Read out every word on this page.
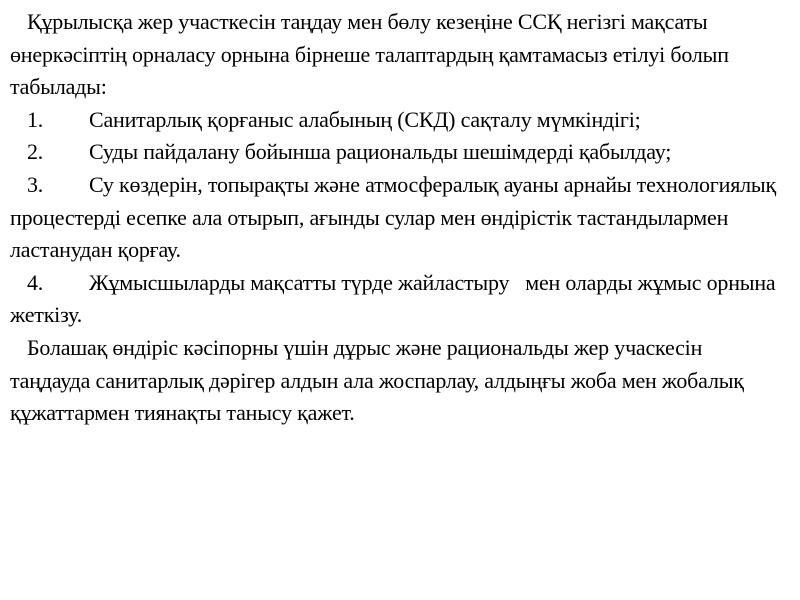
Құрылысқа жер участкесін таңдау мен бөлу кезеңіне ССҚ негізгі мақсаты өнеркәсіптің орналасу орнына бірнеше талаптардың қамтамасыз етілуі болып табылады:

1. Санитарлық қорғаныс алабының (СКД) сақталу мүмкіндігі;

2. Суды пайдалану бойынша рациональды шешімдерді қабылдау;

3. Су көздерін, топырақты және атмосфералық ауаны арнайы технологиялық процестерді есепке ала отырып, ағынды сулар мен өндірістік тастандылармен ластанудан қорғау.

4. Жұмысшыларды мақсатты түрде жайластыру   мен оларды жұмыс орнына жеткізу.

Болашақ өндіріс кәсіпорны үшін дұрыс және рациональды жер учаскесін таңдауда санитарлық дәрігер алдын ала жоспарлау, алдыңғы жоба мен жобалық құжаттармен тиянақты танысу қажет.
